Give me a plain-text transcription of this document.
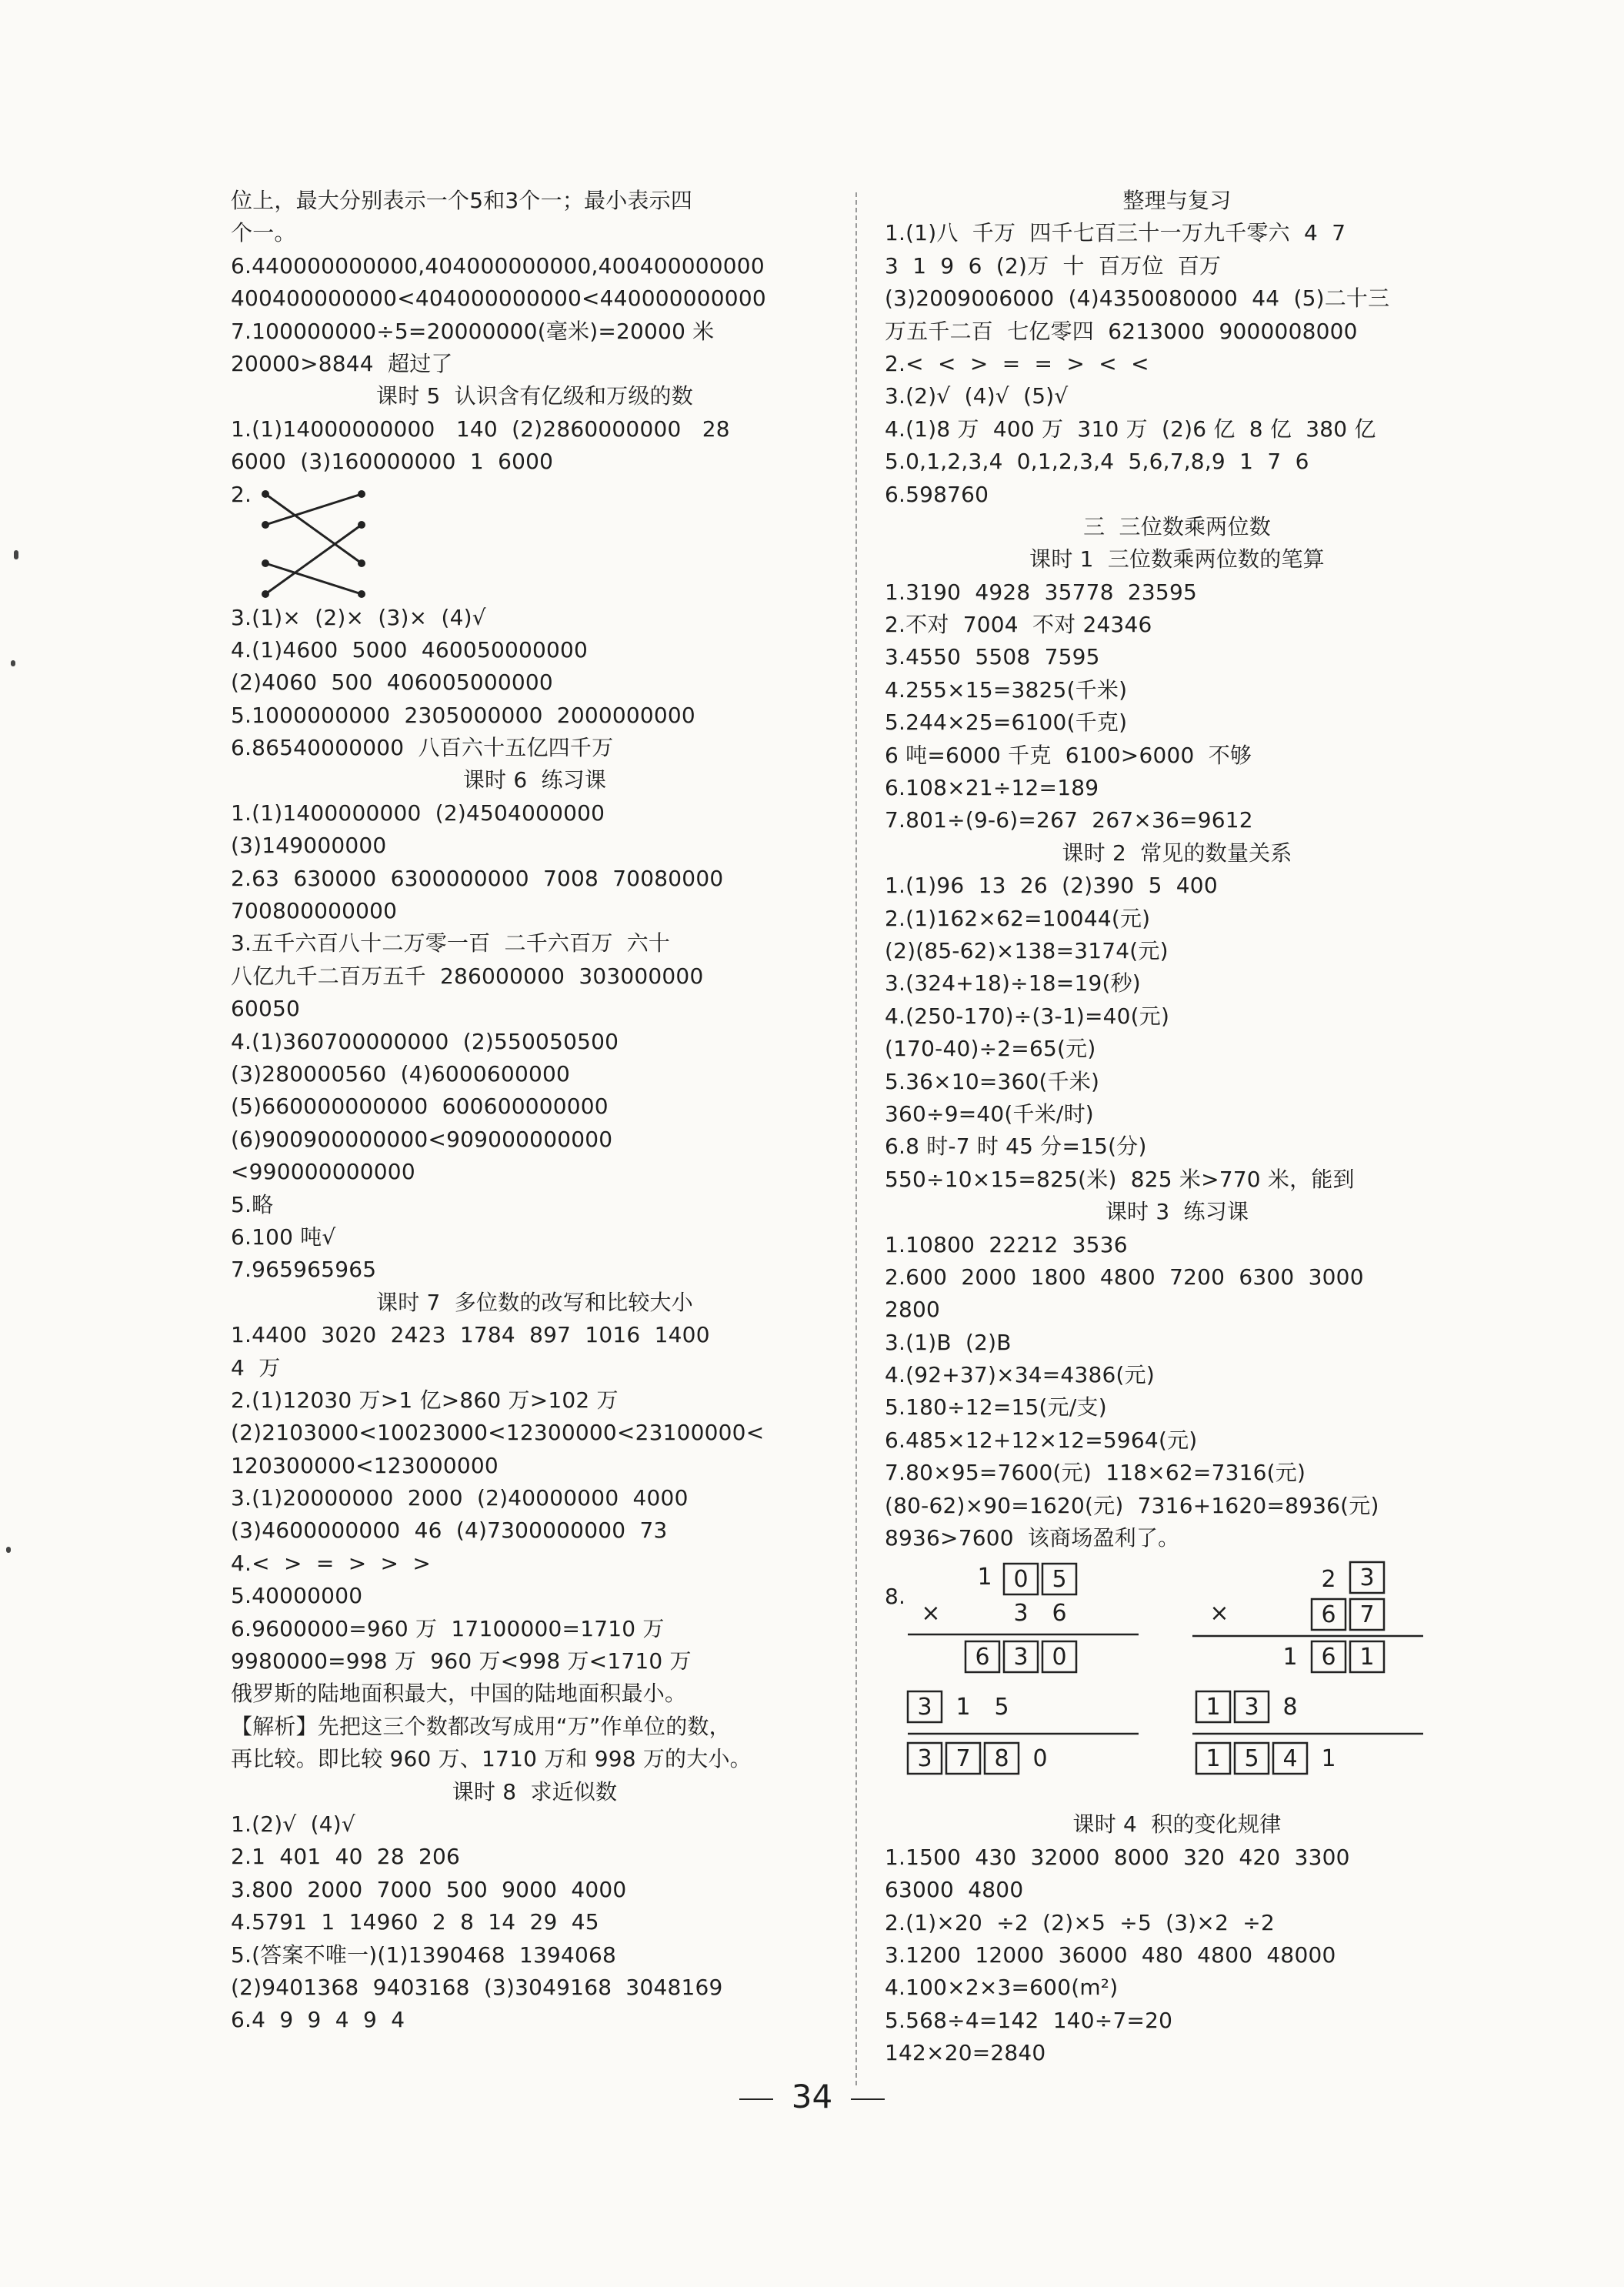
位上，最大分别表示一个5和3个一；最小表示四
个一。
6.440000000000,404000000000,400400000000
400400000000<404000000000<440000000000
7.100000000÷5=20000000(毫米)=20000 米
20000>8844  超过了
课时 5  认识含有亿级和万级的数
1.(1)14000000000   140  (2)2860000000   28
6000  (3)160000000  1  6000
2.
3.(1)×  (2)×  (3)×  (4)√
4.(1)4600  5000  460050000000
(2)4060  500  406005000000
5.1000000000  2305000000  2000000000
6.86540000000  八百六十五亿四千万
课时 6  练习课
1.(1)1400000000  (2)4504000000
(3)149000000
2.63  630000  6300000000  7008  70080000
700800000000
3.五千六百八十二万零一百  二千六百万  六十
八亿九千二百万五千  286000000  303000000
60050
4.(1)360700000000  (2)550050500
(3)280000560  (4)6000600000
(5)660000000000  600600000000
(6)900900000000<909000000000
<990000000000
5.略
6.100 吨√
7.965965965
课时 7  多位数的改写和比较大小
1.4400  3020  2423  1784  897  1016  1400
4  万
2.(1)12030 万>1 亿>860 万>102 万
(2)2103000<10023000<12300000<23100000<
120300000<123000000
3.(1)20000000  2000  (2)40000000  4000
(3)4600000000  46  (4)7300000000  73
4.<  >  =  >  >  >
5.40000000
6.9600000=960 万  17100000=1710 万
9980000=998 万  960 万<998 万<1710 万
俄罗斯的陆地面积最大，中国的陆地面积最小。
【解析】先把这三个数都改写成用“万”作单位的数，
再比较。即比较 960 万、1710 万和 998 万的大小。
课时 8  求近似数
1.(2)√  (4)√
2.1  401  40  28  206
3.800  2000  7000  500  9000  4000
4.5791  1  14960  2  8  14  29  45
5.(答案不唯一)(1)1390468  1394068
(2)9401368  9403168  (3)3049168  3048169
6.4  9  9  4  9  4
整理与复习
1.(1)八  千万  四千七百三十一万九千零六  4  7
3  1  9  6  (2)万  十  百万位  百万
(3)2009006000  (4)4350080000  44  (5)二十三
万五千二百  七亿零四  6213000  9000008000
2.<  <  >  =  =  >  <  <
3.(2)√  (4)√  (5)√
4.(1)8 万  400 万  310 万  (2)6 亿  8 亿  380 亿
5.0,1,2,3,4  0,1,2,3,4  5,6,7,8,9  1  7  6
6.598760
三  三位数乘两位数
课时 1  三位数乘两位数的笔算
1.3190  4928  35778  23595
2.不对  7004  不对 24346
3.4550  5508  7595
4.255×15=3825(千米)
5.244×25=6100(千克)
6 吨=6000 千克  6100>6000  不够
6.108×21÷12=189
7.801÷(9-6)=267  267×36=9612
课时 2  常见的数量关系
1.(1)96  13  26  (2)390  5  400
2.(1)162×62=10044(元)
(2)(85-62)×138=3174(元)
3.(324+18)÷18=19(秒)
4.(250-170)÷(3-1)=40(元)
(170-40)÷2=65(元)
5.36×10=360(千米)
360÷9=40(千米/时)
6.8 时-7 时 45 分=15(分)
550÷10×15=825(米)  825 米>770 米，能到
课时 3  练习课
1.10800  22212  3536
2.600  2000  1800  4800  7200  6300  3000
2800
3.(1)B  (2)B
4.(92+37)×34=4386(元)
5.180÷12=15(元/支)
6.485×12+12×12=5964(元)
7.80×95=7600(元)  118×62=7316(元)
(80-62)×90=1620(元)  7316+1620=8936(元)
8936>7600  该商场盈利了。
8.
1 0 5
×	3 6
6 3 0
3 1 5
3 7 8 0
2 3
×	6 7
1 6 1
1 3 8
1 5 4 1
课时 4  积的变化规律
1.1500  430  32000  8000  320  420  3300
63000  4800
2.(1)×20  ÷2  (2)×5  ÷5  (3)×2  ÷2
3.1200  12000  36000  480  4800  48000
4.100×2×3=600(m²)
5.568÷4=142  140÷7=20
142×20=2840
34
